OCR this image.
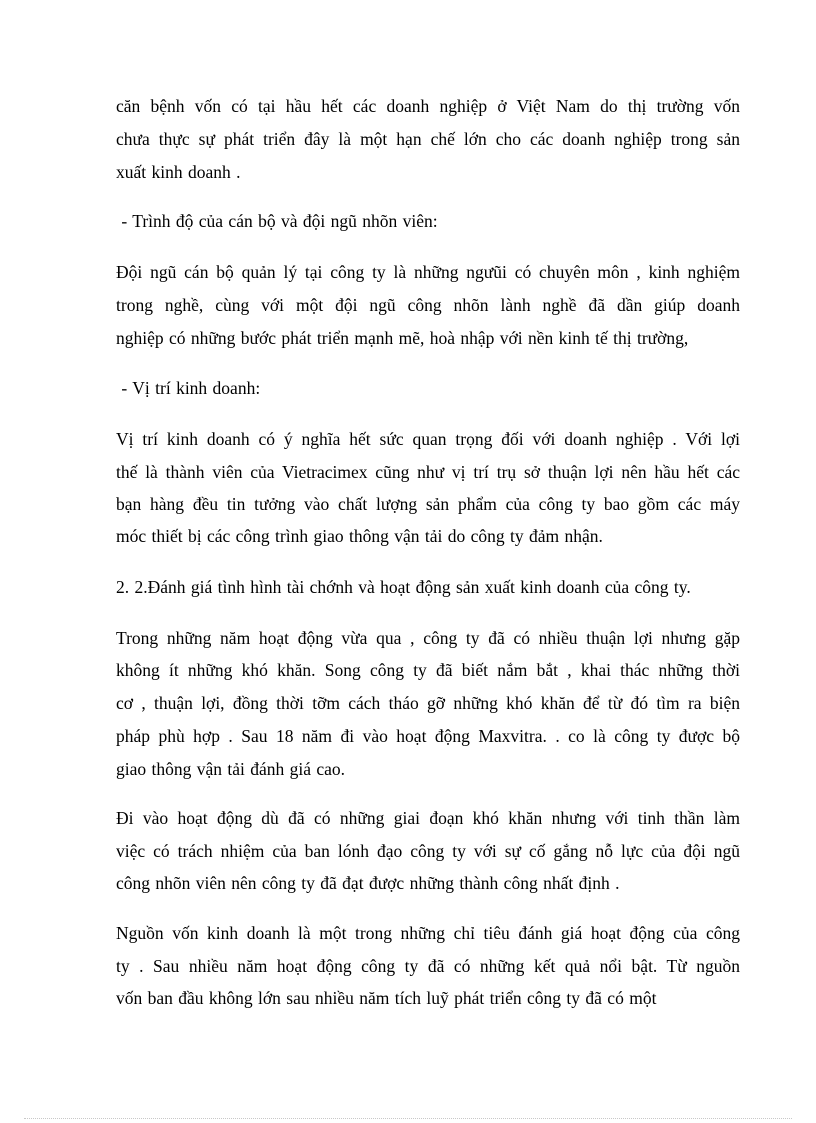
căn bệnh vốn có tại hầu hết các doanh nghiệp ở Việt Nam do thị trường vốn
chưa thực sự phát triển đây là một hạn chế lớn cho các doanh nghiệp trong sản
xuất kinh doanh .
- Trình độ của cán bộ và đội ngũ nhõn viên:
Đội ngũ cán bộ quản lý tại công ty là những ngưũi có chuyên môn , kinh nghiệm
trong nghề, cùng với một đội ngũ công nhõn lành nghề đã dần giúp doanh
nghiệp có những bước phát triển mạnh mẽ, hoà nhập với nền kinh tế thị trường,
- Vị trí kinh doanh:
Vị trí kinh doanh có ý nghĩa hết sức quan trọng đối với doanh nghiệp . Với lợi
thế là thành viên của Vietracimex cũng như vị trí trụ sở thuận lợi nên hầu hết các
bạn hàng đều tin tưởng vào chất lượng sản phẩm của công ty bao gồm các máy
móc thiết bị các công trình giao thông vận tải do công ty đảm nhận.
2. 2.Đánh giá tình hình tài chớnh và hoạt động sản xuất kinh doanh của công ty.
Trong những năm hoạt động vừa qua , công ty đã có nhiều thuận lợi nhưng gặp
không ít những khó khăn. Song công ty đã biết nắm bắt , khai thác những thời
cơ , thuận lợi, đồng thời tỡm cách tháo gỡ những khó khăn để từ đó tìm ra biện
pháp phù hợp . Sau 18 năm đi vào hoạt động Maxvitra. . co là công ty được bộ
giao thông vận tải đánh giá cao.
Đi vào hoạt động dù đã có những giai đoạn khó khăn nhưng với tinh thần làm
việc có trách nhiệm của ban lónh đạo công ty với sự cố gắng nỗ lực của đội ngũ
công nhõn viên nên công ty đã đạt được những thành công nhất định .
Nguồn vốn kinh doanh là một trong những chỉ tiêu đánh giá hoạt động của công
ty . Sau nhiều năm hoạt động công ty đã có những kết quả nổi bật. Từ nguồn
vốn ban đầu không lớn sau nhiều năm tích luỹ phát triển công ty đã có một
